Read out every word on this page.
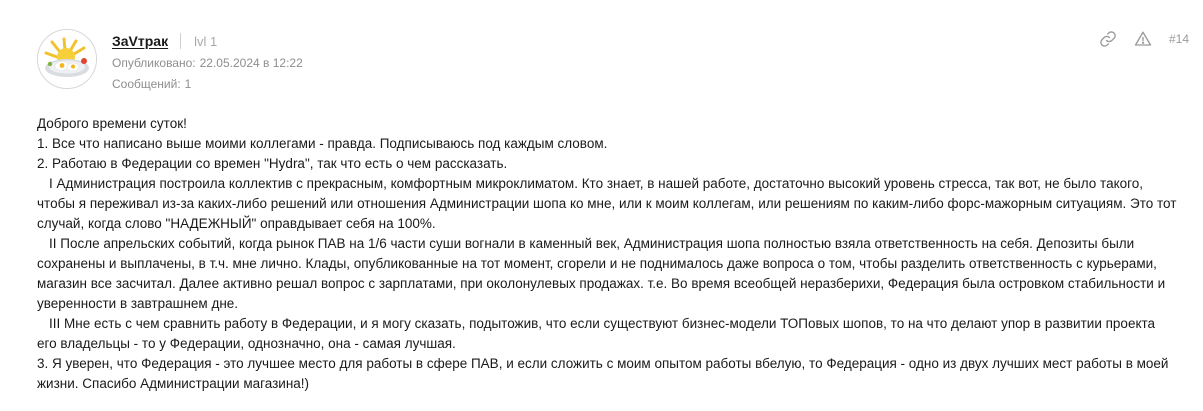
ЗаVтрак lvl 1
Опубликовано: 22.05.2024 в 12:22
Сообщений: 1
#14

Доброго времени суток!

1. Все что написано выше моими коллегами - правда. Подписываюсь под каждым словом.

2. Работаю в Федерации со времен "Hydra", так что есть о чем рассказать.

I Администрация построила коллектив с прекрасным, комфортным микроклиматом. Кто знает, в нашей работе, достаточно высокий уровень стресса, так вот, не было такого, чтобы я переживал из-за каких-либо решений или отношения Администрации шопа ко мне, или к моим коллегам, или решениям по каким-либо форс-мажорным ситуациям. Это тот случай, когда слово "НАДЕЖНЫЙ" оправдывает себя на 100%.

II После апрельских событий, когда рынок ПАВ на 1/6 части суши вогнали в каменный век, Администрация шопа полностью взяла ответственность на себя. Депозиты были сохранены и выплачены, в т.ч. мне лично. Клады, опубликованные на тот момент, сгорели и не поднималось даже вопроса о том, чтобы разделить ответственность с курьерами, магазин все засчитал. Далее активно решал вопрос с зарплатами, при околонулевых продажах. т.е. Во время всеобщей неразберихи, Федерация была островком стабильности и уверенности в завтрашнем дне.

III Мне есть с чем сравнить работу в Федерации, и я могу сказать, подытожив, что если существуют бизнес-модели ТОПовых шопов, то на что делают упор в развитии проекта его владельцы - то у Федерации, однозначно, она - самая лучшая.

3. Я уверен, что Федерация - это лучшее место для работы в сфере ПАВ, и если сложить с моим опытом работы вбелую, то Федерация - одно из двух лучших мест работы в моей жизни. Спасибо Администрации магазина!)
